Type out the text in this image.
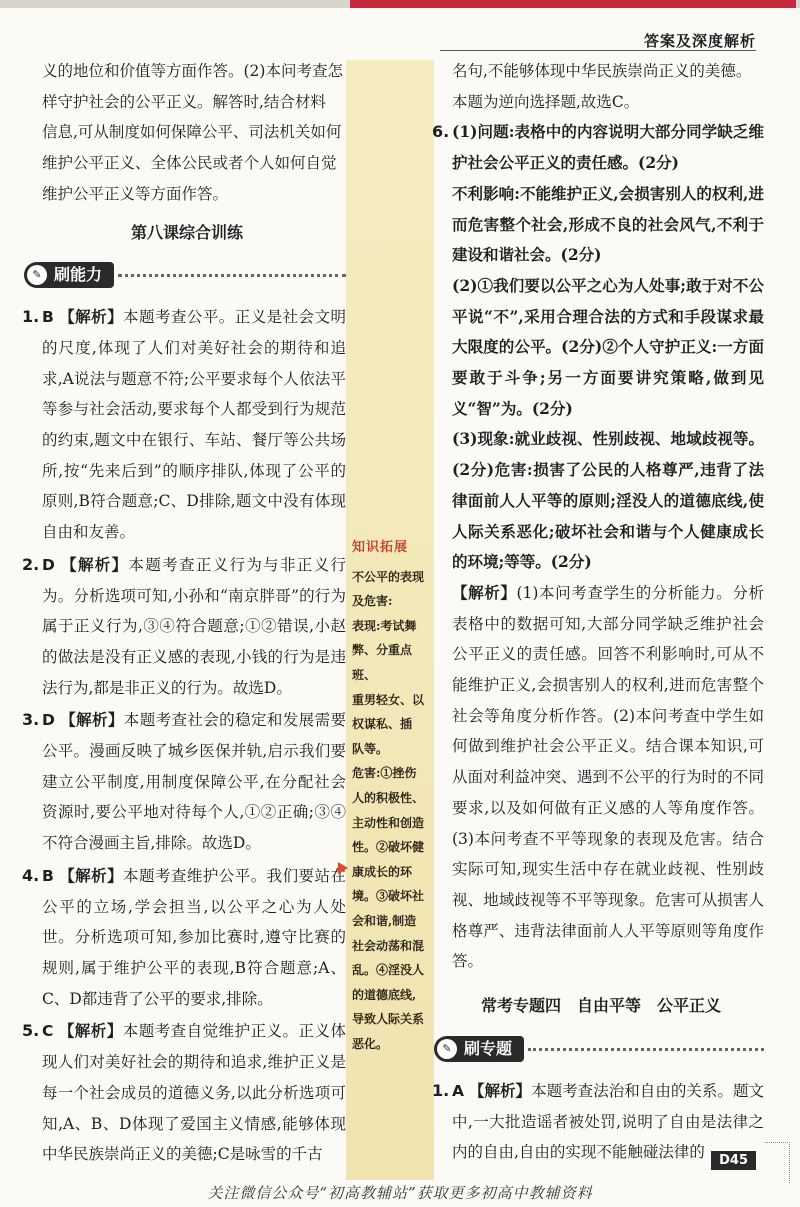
答案及深度解析
义的地位和价值等方面作答。(2)本问考查怎
样守护社会的公平正义。解答时,结合材料
信息,可从制度如何保障公平、司法机关如何
维护公平正义、全体公民或者个人如何自觉
维护公平正义等方面作答。
第八课综合训练
✎ 刷能力
1. B 【解析】本题考查公平。正义是社会文明的尺度,体现了人们对美好社会的期待和追求,A说法与题意不符;公平要求每个人依法平等参与社会活动,要求每个人都受到行为规范的约束,题文中在银行、车站、餐厅等公共场所,按“先来后到”的顺序排队,体现了公平的原则,B符合题意;C、D排除,题文中没有体现自由和友善。
2. D 【解析】本题考查正义行为与非正义行为。分析选项可知,小孙和“南京胖哥”的行为属于正义行为,③④符合题意;①②错误,小赵的做法是没有正义感的表现,小钱的行为是违法行为,都是非正义的行为。故选D。
3. D 【解析】本题考查社会的稳定和发展需要公平。漫画反映了城乡医保并轨,启示我们要建立公平制度,用制度保障公平,在分配社会资源时,要公平地对待每个人,①②正确;③④不符合漫画主旨,排除。故选D。
4. B 【解析】本题考查维护公平。我们要站在公平的立场,学会担当,以公平之心为人处世。分析选项可知,参加比赛时,遵守比赛的规则,属于维护公平的表现,B符合题意;A、C、D都违背了公平的要求,排除。
5. C 【解析】本题考查自觉维护正义。正义体现人们对美好社会的期待和追求,维护正义是每一个社会成员的道德义务,以此分析选项可知,A、B、D体现了爱国主义情感,能够体现中华民族崇尚正义的美德;C是咏雪的千古
知识拓展

不公平的表现

及危害:

表现:考试舞

弊、分重点班、

重男轻女、以

权谋私、插

队等。

危害:①挫伤

人的积极性、

主动性和创造

性。②破坏健

康成长的环

境。③破坏社

会和谐,制造

社会动荡和混

乱。④淫没人

的道德底线,

导致人际关系

恶化。

名句,不能够体现中华民族崇尚正义的美德。
本题为逆向选择题,故选C。
6. (1)问题:表格中的内容说明大部分同学缺乏维护社会公平正义的责任感。(2分)
不利影响:不能维护正义,会损害别人的权利,进而危害整个社会,形成不良的社会风气,不利于建设和谐社会。(2分)
(2)①我们要以公平之心为人处事;敢于对不公平说“不”,采用合理合法的方式和手段谋求最大限度的公平。(2分)②个人守护正义:一方面要敢于斗争;另一方面要讲究策略,做到见义“智”为。(2分)
(3)现象:就业歧视、性别歧视、地域歧视等。(2分)危害:损害了公民的人格尊严,违背了法律面前人人平等的原则;淫没人的道德底线,使人际关系恶化;破坏社会和谐与个人健康成长的环境;等等。(2分)
【解析】(1)本问考查学生的分析能力。分析表格中的数据可知,大部分同学缺乏维护社会公平正义的责任感。回答不利影响时,可从不能维护正义,会损害别人的权利,进而危害整个社会等角度分析作答。(2)本问考查中学生如何做到维护社会公平正义。结合课本知识,可从面对利益冲突、遇到不公平的行为时的不同要求,以及如何做有正义感的人等角度作答。(3)本问考查不平等现象的表现及危害。结合实际可知,现实生活中存在就业歧视、性别歧视、地域歧视等不平等现象。危害可从损害人格尊严、违背法律面前人人平等原则等角度作答。
常考专题四　自由平等　公平正义
✎ 刷专题
1. A 【解析】本题考查法治和自由的关系。题文中,一大批造谣者被处罚,说明了自由是法律之内的自由,自由的实现不能触碰法律的	D45
关注微信公众号“初高教辅站”获取更多初高中教辅资料
